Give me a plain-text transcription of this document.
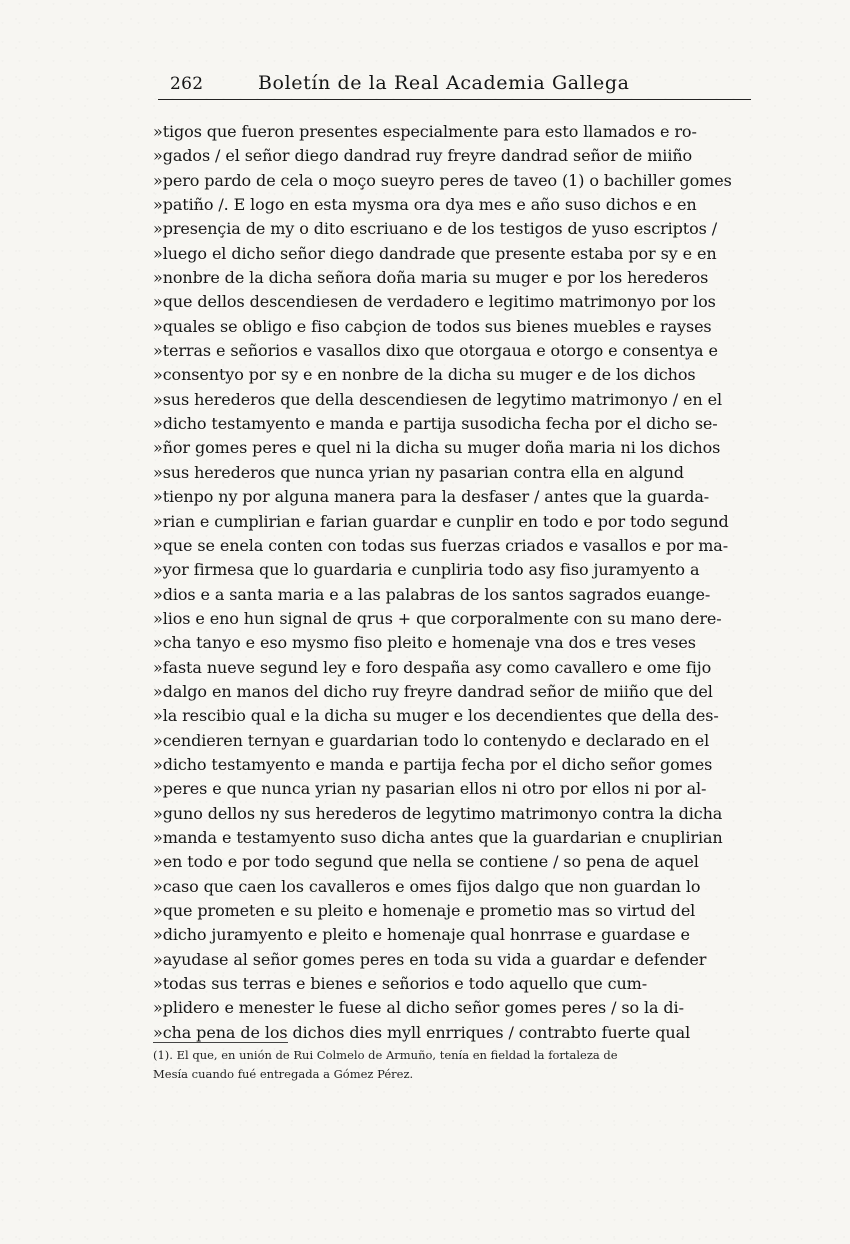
262	Boletín de la Real Academia Gallega
»tigos que fueron presentes especialmente para esto llamados e ro-
»gados / el señor diego dandrad ruy freyre dandrad señor de miiño
»pero pardo de cela o moço sueyro peres de taveo (1) o bachiller gomes
»patiño /. E logo en esta mysma ora dya mes e año suso dichos e en
»presençia de my o dito escriuano e de los testigos de yuso escriptos /
»luego el dicho señor diego dandrade que presente estaba por sy e en
»nonbre de la dicha señora doña maria su muger e por los herederos
»que dellos descendiesen de verdadero e legitimo matrimonyo por los
»quales se obligo e fiso cabçion de todos sus bienes muebles e rayses
»terras e señorios e vasallos dixo que otorgaua e otorgo e consentya e
»consentyo por sy e en nonbre de la dicha su muger e de los dichos
»sus herederos que della descendiesen de legytimo matrimonyo / en el
»dicho testamyento e manda e partija susodicha fecha por el dicho se-
»ñor gomes peres e quel ni la dicha su muger doña maria ni los dichos
»sus herederos que nunca yrian ny pasarian contra ella en algund
»tienpo ny por alguna manera para la desfaser / antes que la guarda-
»rian e cumplirian e farian guardar e cunplir en todo e por todo segund
»que se enela conten con todas sus fuerzas criados e vasallos e por ma-
»yor firmesa que lo guardaria e cunpliria todo asy fiso juramyento a
»dios e a santa maria e a las palabras de los santos sagrados euange-
»lios e eno hun signal de qrus + que corporalmente con su mano dere-
»cha tanyo e eso mysmo fiso pleito e homenaje vna dos e tres veses
»fasta nueve segund ley e foro despaña asy como cavallero e ome fijo
»dalgo en manos del dicho ruy freyre dandrad señor de miiño que del
»la rescibio qual e la dicha su muger e los decendientes que della des-
»cendieren ternyan e guardarian todo lo contenydo e declarado en el
»dicho testamyento e manda e partija fecha por el dicho señor gomes
»peres e que nunca yrian ny pasarian ellos ni otro por ellos ni por al-
»guno dellos ny sus herederos de legytimo matrimonyo contra la dicha
»manda e testamyento suso dicha antes que la guardarian e cnuplirian
»en todo e por todo segund que nella se contiene / so pena de aquel
»caso que caen los cavalleros e omes fijos dalgo que non guardan lo
»que prometen e su pleito e homenaje e prometio mas so virtud del
»dicho juramyento e pleito e homenaje qual honrrase e guardase e
»ayudase al señor gomes peres en toda su vida a guardar e defender
»todas sus terras e bienes e señorios e todo aquello que cum-
»plidero e menester le fuese al dicho señor gomes peres / so la di-
»cha pena de los dichos dies myll enrriques / contrabto fuerte qual
(1). El que, en unión de Rui Colmelo de Armuño, tenía en fieldad la fortaleza de
Mesía cuando fué entregada a Gómez Pérez.
